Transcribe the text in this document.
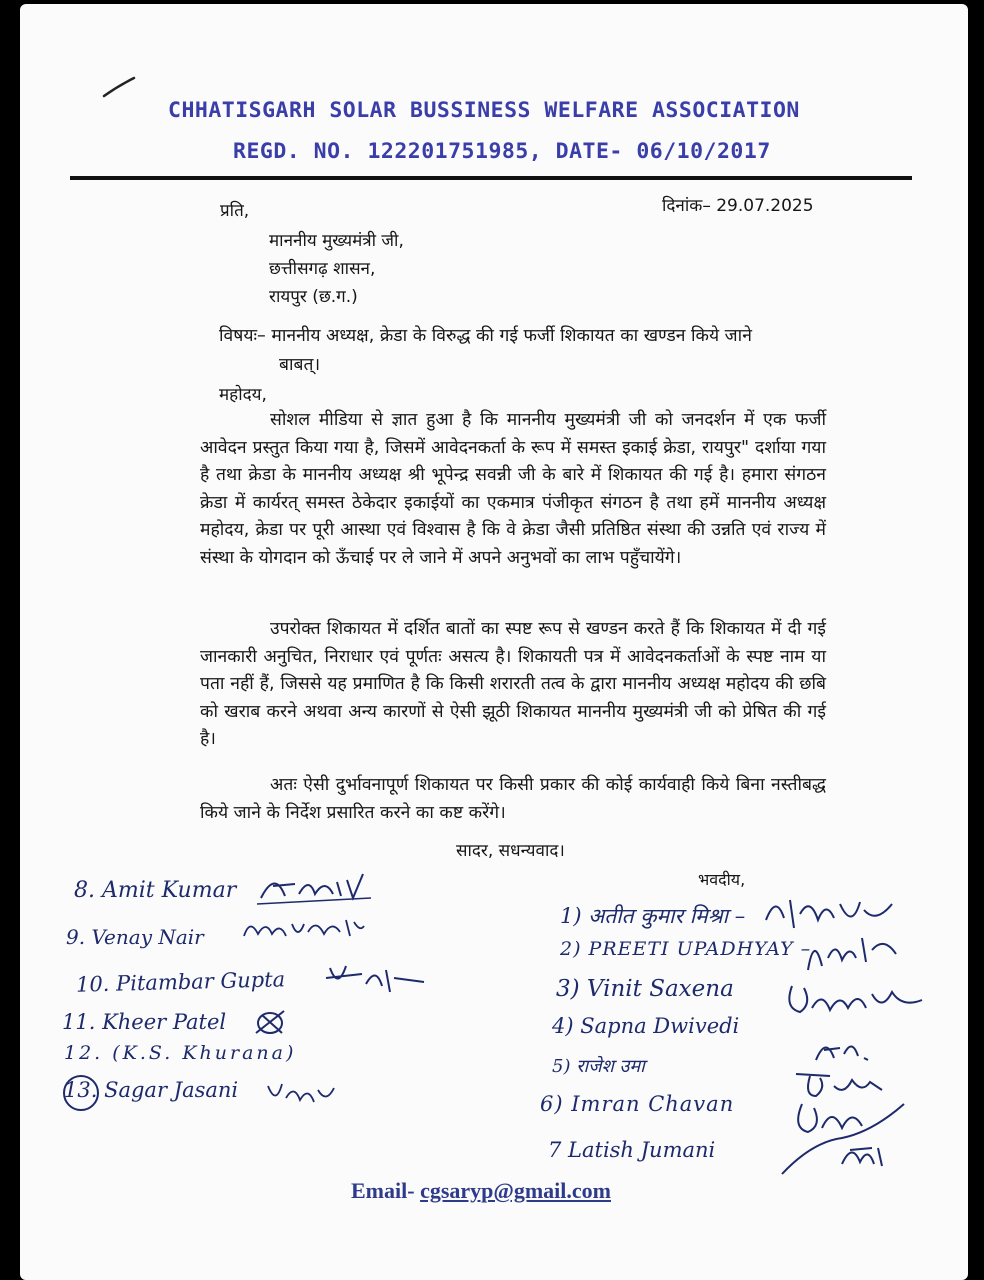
CHHATISGARH SOLAR BUSSINESS WELFARE ASSOCIATION
REGD. NO. 122201751985, DATE- 06/10/2017
प्रति,	दिनांक– 29.07.2025
माननीय मुख्यमंत्री जी,
छत्तीसगढ़ शासन,
रायपुर (छ.ग.)
विषयः– माननीय अध्यक्ष, क्रेडा के विरुद्ध की गई फर्जी शिकायत का खण्डन किये जाने
बाबत्।
महोदय,
सोशल मीडिया से ज्ञात हुआ है कि माननीय मुख्यमंत्री जी को जनदर्शन में एक फर्जी आवेदन प्रस्तुत किया गया है, जिसमें आवेदनकर्ता के रूप में समस्त इकाई क्रेडा, रायपुर" दर्शाया गया है तथा क्रेडा के माननीय अध्यक्ष श्री भूपेन्द्र सवन्नी जी के बारे में शिकायत की गई है। हमारा संगठन क्रेडा में कार्यरत् समस्त ठेकेदार इकाईयों का एकमात्र पंजीकृत संगठन है तथा हमें माननीय अध्यक्ष महोदय, क्रेडा पर पूरी आस्था एवं विश्वास है कि वे क्रेडा जैसी प्रतिष्ठित संस्था की उन्नति एवं राज्य में संस्था के योगदान को ऊँचाई पर ले जाने में अपने अनुभवों का लाभ पहुँचायेंगे।
उपरोक्त शिकायत में दर्शित बातों का स्पष्ट रूप से खण्डन करते हैं कि शिकायत में दी गई जानकारी अनुचित, निराधार एवं पूर्णतः असत्य है। शिकायती पत्र में आवेदनकर्ताओं के स्पष्ट नाम या पता नहीं हैं, जिससे यह प्रमाणित है कि किसी शरारती तत्व के द्वारा माननीय अध्यक्ष महोदय की छबि को खराब करने अथवा अन्य कारणों से ऐसी झूठी शिकायत माननीय मुख्यमंत्री जी को प्रेषित की गई है।
अतः ऐसी दुर्भावनापूर्ण शिकायत पर किसी प्रकार की कोई कार्यवाही किये बिना नस्तीबद्ध किये जाने के निर्देश प्रसारित करने का कष्ट करेंगे।
सादर, सधन्यवाद।
भवदीय,
8. Amit Kumar
9. Venay Nair
10. Pitambar Gupta
11. Kheer Patel
12. (K.S. Khurana)
13. Sagar Jasani
1) अतीत कुमार मिश्रा –
2) PREETI UPADHYAY –
3) Vinit Saxena
4) Sapna Dwivedi
5) राजेश उमा
6) Imran Chavan
7 Latish Jumani
Email- cgsaryp@gmail.com
